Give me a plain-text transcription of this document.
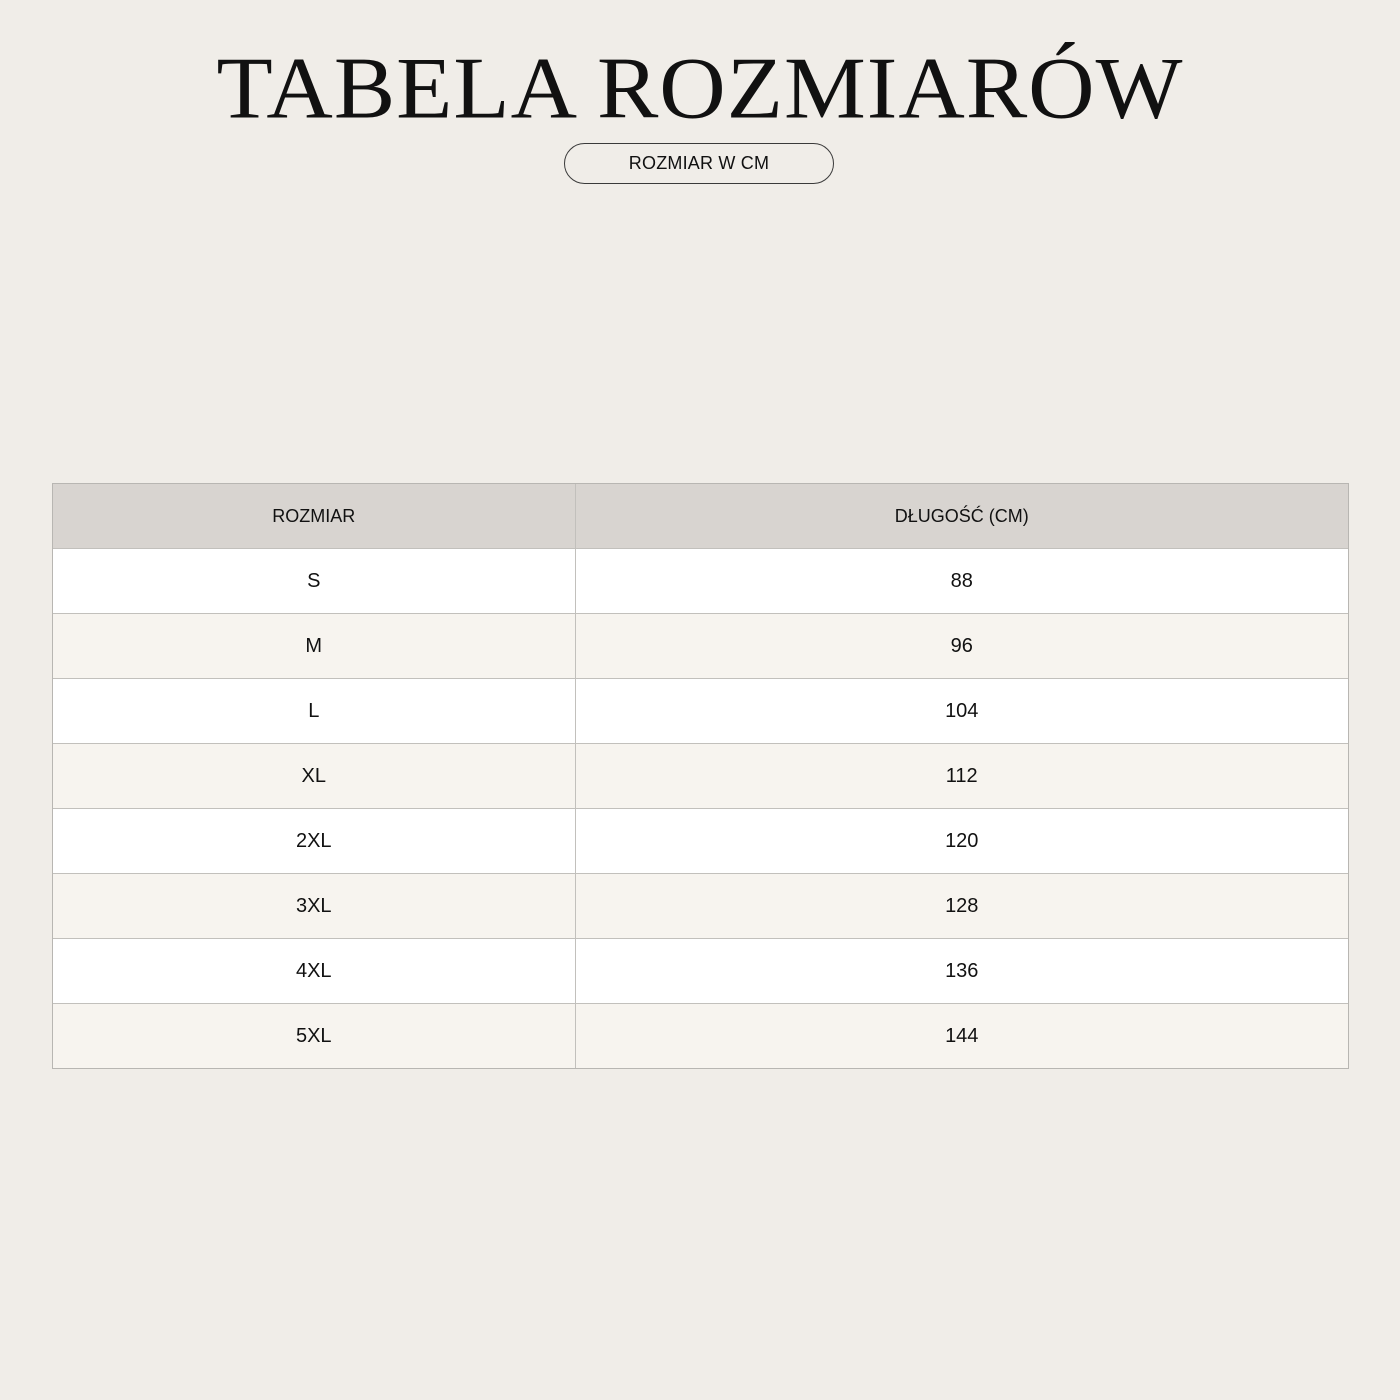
TABELA ROZMIARÓW
ROZMIAR W CM
ROZMIAR	DŁUGOŚĆ (CM)
S	88
M	96
L	104
XL	112
2XL	120
3XL	128
4XL	136
5XL	144
